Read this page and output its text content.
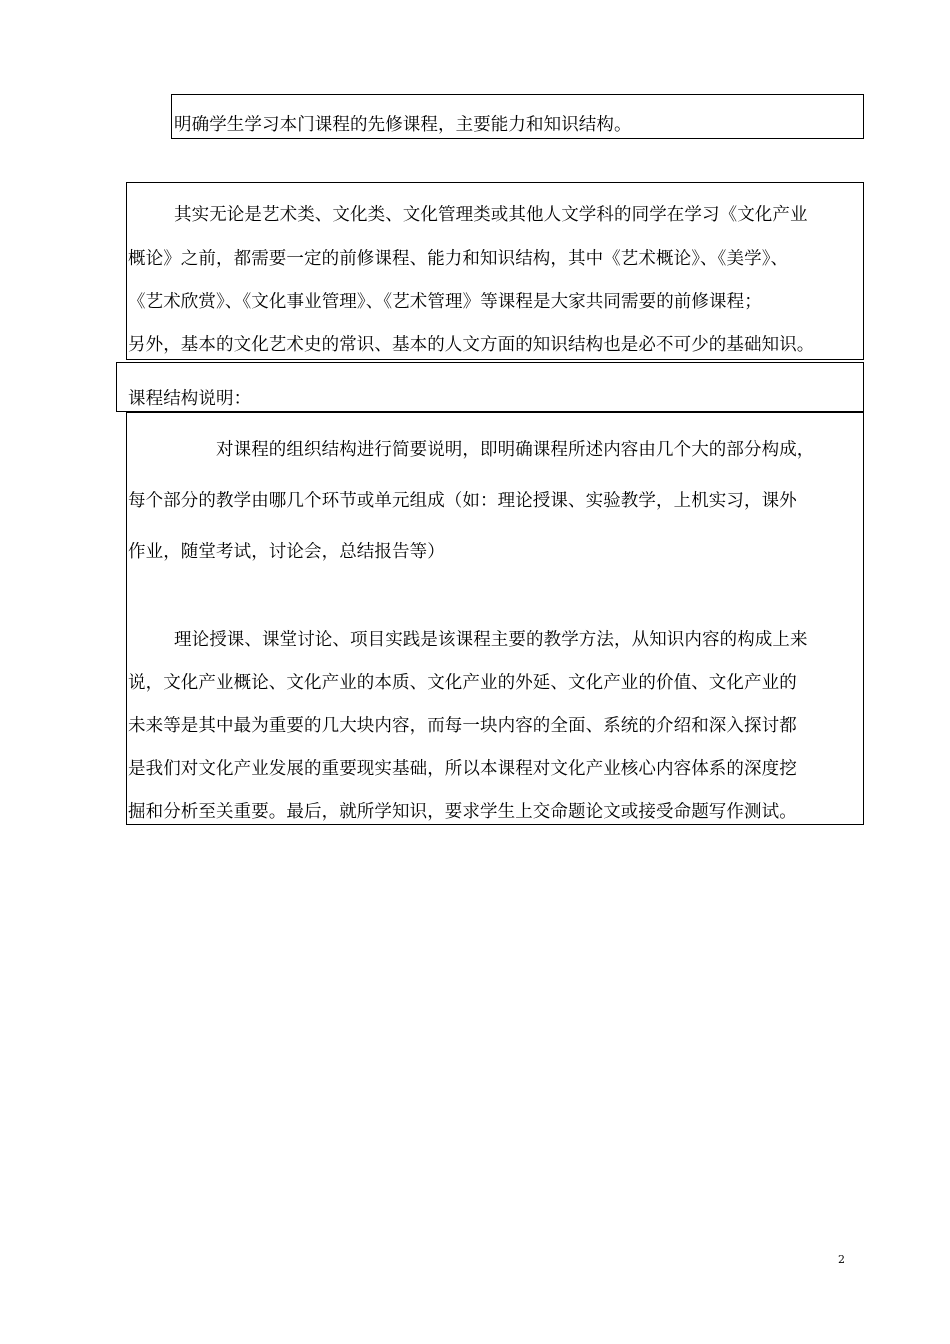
明确学生学习本门课程的先修课程，主要能力和知识结构。
其实无论是艺术类、文化类、文化管理类或其他人文学科的同学在学习《文化产业
概论》之前，都需要一定的前修课程、能力和知识结构，其中《艺术概论》、《美学》、
《艺术欣赏》、《文化事业管理》、《艺术管理》等课程是大家共同需要的前修课程；
另外，基本的文化艺术史的常识、基本的人文方面的知识结构也是必不可少的基础知识。
课程结构说明：
对课程的组织结构进行简要说明，即明确课程所述内容由几个大的部分构成，
每个部分的教学由哪几个环节或单元组成（如：理论授课、实验教学，上机实习，课外
作业，随堂考试，讨论会，总结报告等）
理论授课、课堂讨论、项目实践是该课程主要的教学方法，从知识内容的构成上来
说，文化产业概论、文化产业的本质、文化产业的外延、文化产业的价值、文化产业的
未来等是其中最为重要的几大块内容，而每一块内容的全面、系统的介绍和深入探讨都
是我们对文化产业发展的重要现实基础，所以本课程对文化产业核心内容体系的深度挖
掘和分析至关重要。最后，就所学知识，要求学生上交命题论文或接受命题写作测试。
2
